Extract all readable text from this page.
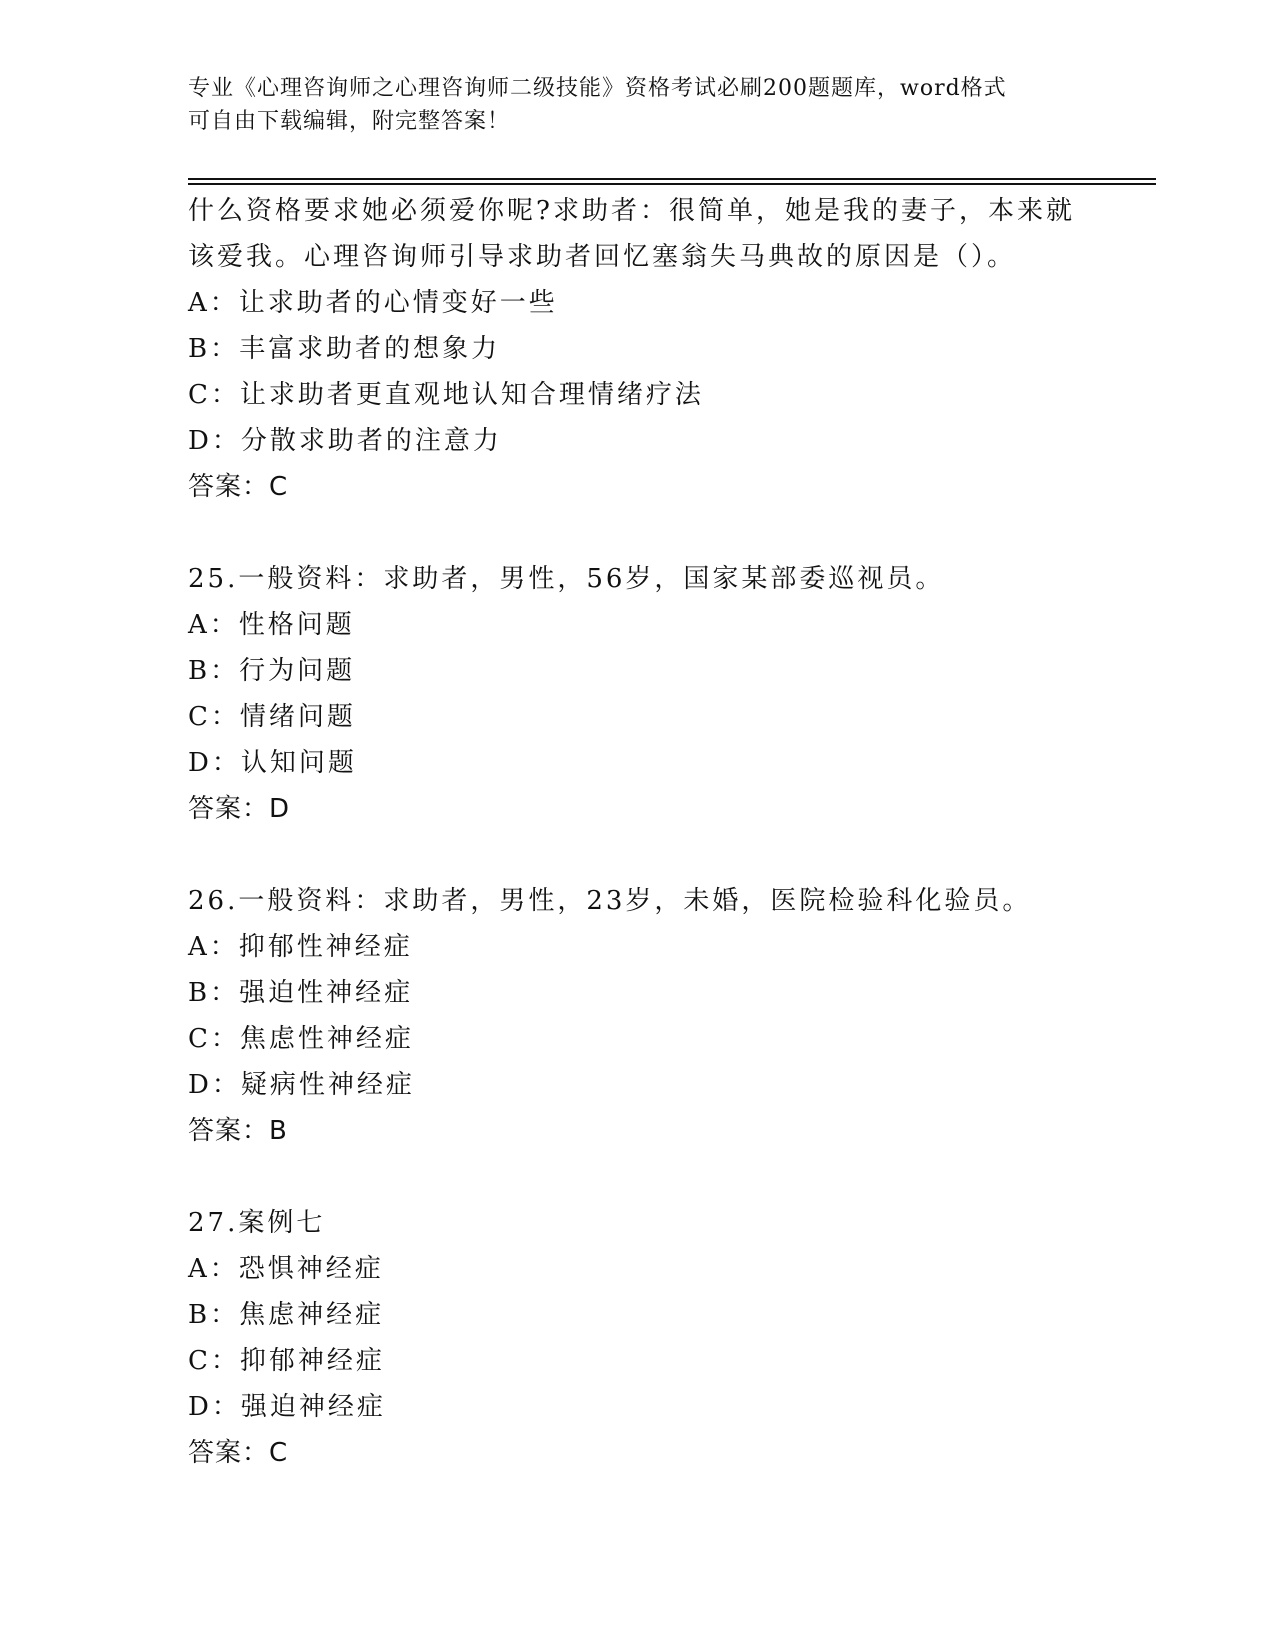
专业《心理咨询师之心理咨询师二级技能》资格考试必刷200题题库，word格式
可自由下载编辑，附完整答案！
什么资格要求她必须爱你呢?求助者：很简单，她是我的妻子，本来就
该爱我。心理咨询师引导求助者回忆塞翁失马典故的原因是（）。
A：让求助者的心情变好一些
B：丰富求助者的想象力
C：让求助者更直观地认知合理情绪疗法
D：分散求助者的注意力
答案：C
25.一般资料：求助者，男性，56岁，国家某部委巡视员。
A：性格问题
B：行为问题
C：情绪问题
D：认知问题
答案：D
26.一般资料：求助者，男性，23岁，未婚，医院检验科化验员。
A：抑郁性神经症
B：强迫性神经症
C：焦虑性神经症
D：疑病性神经症
答案：B
27.案例七
A：恐惧神经症
B：焦虑神经症
C：抑郁神经症
D：强迫神经症
答案：C
